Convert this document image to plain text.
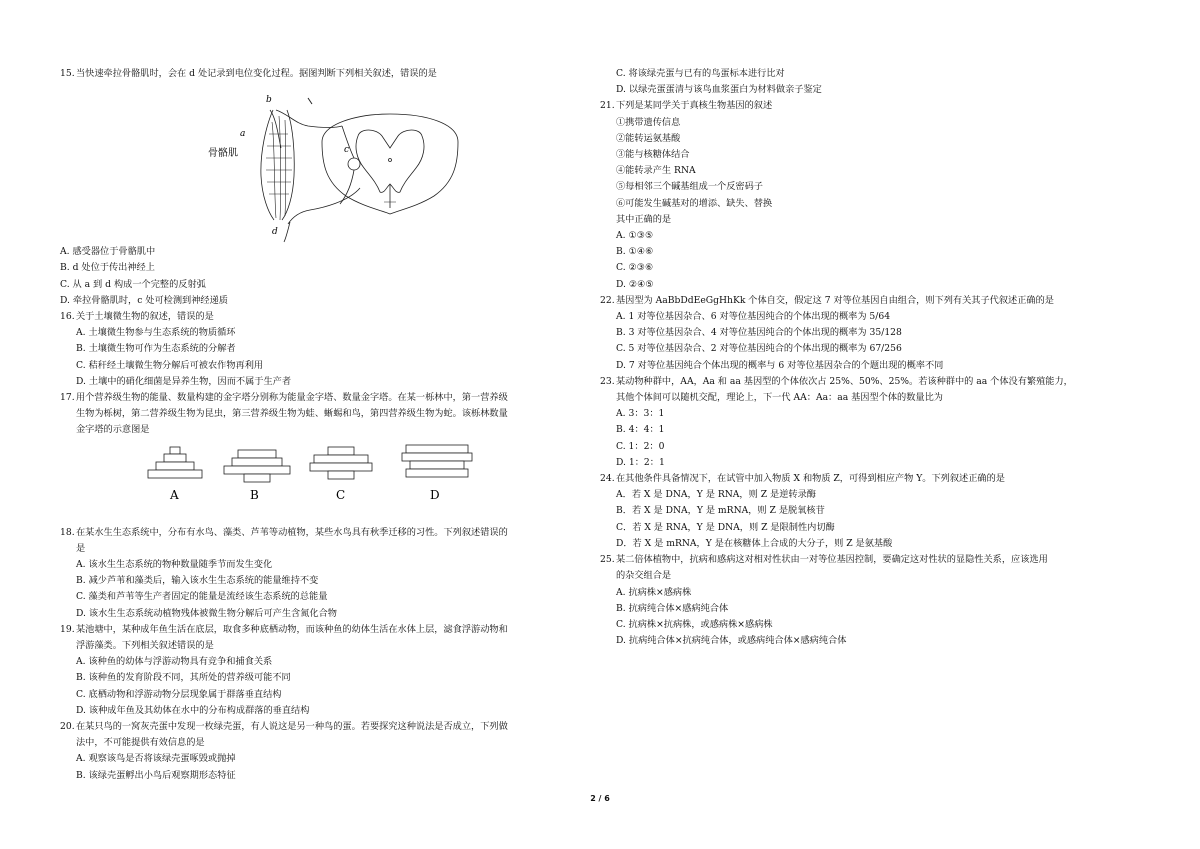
15. 当快速牵拉骨骼肌时，会在 d 处记录到电位变化过程。据图判断下列相关叙述，错误的是
b
a
c
d
骨骼肌
A. 感受器位于骨骼肌中
B. d 处位于传出神经上
C. 从 a 到 d 构成一个完整的反射弧
D. 牵拉骨骼肌时，c 处可检测到神经递质
16. 关于土壤微生物的叙述，错误的是
A. 土壤微生物参与生态系统的物质循环
B. 土壤微生物可作为生态系统的分解者
C. 秸秆经土壤微生物分解后可被农作物再利用
D. 土壤中的硝化细菌是异养生物，因而不属于生产者
17. 用个营养级生物的能量、数量构建的金字塔分别称为能量金字塔、数量金字塔。在某一栎林中，第一营养级
生物为栎树，第二营养级生物为昆虫，第三营养级生物为蛙、蜥蜴和鸟，第四营养级生物为蛇。该栎林数量
金字塔的示意图是
A	B	C	D
18. 在某水生生态系统中，分布有水鸟、藻类、芦苇等动植物，某些水鸟具有秋季迁移的习性。下列叙述错误的
是
A. 该水生生态系统的物种数量随季节而发生变化
B. 减少芦苇和藻类后，输入该水生生态系统的能量维持不变
C. 藻类和芦苇等生产者固定的能量是流经该生态系统的总能量
D. 该水生生态系统动植物残体被微生物分解后可产生含氮化合物
19. 某池塘中，某种成年鱼生活在底层，取食多种底栖动物，而该种鱼的幼体生活在水体上层，滤食浮游动物和
浮游藻类。下列相关叙述错误的是
A. 该种鱼的幼体与浮游动物具有竞争和捕食关系
B. 该种鱼的发育阶段不同，其所处的营养级可能不同
C. 底栖动物和浮游动物分层现象属于群落垂直结构
D. 该种成年鱼及其幼体在水中的分布构成群落的垂直结构
20. 在某只鸟的一窝灰壳蛋中发现一枚绿壳蛋，有人说这是另一种鸟的蛋。若要探究这种说法是否成立，下列做
法中，不可能提供有效信息的是
A. 观察该鸟是否将该绿壳蛋啄毁或抛掉
B. 该绿壳蛋孵出小鸟后观察期形态特征
C. 将该绿壳蛋与已有的鸟蛋标本进行比对
D. 以绿壳蛋蛋清与该鸟血浆蛋白为材料做亲子鉴定
21. 下列是某同学关于真核生物基因的叙述
①携带遗传信息
②能转运氨基酸
③能与核糖体结合
④能转录产生 RNA
⑤每相邻三个碱基组成一个反密码子
⑥可能发生碱基对的增添、缺失、替换
其中正确的是
A. ①③⑤
B. ①④⑥
C. ②③⑥
D. ②④⑤
22. 基因型为 AaBbDdEeGgHhKk 个体自交，假定这 7 对等位基因自由组合，则下列有关其子代叙述正确的是
A. 1 对等位基因杂合、6 对等位基因纯合的个体出现的概率为 5/64
B. 3 对等位基因杂合、4 对等位基因纯合的个体出现的概率为 35/128
C. 5 对等位基因杂合、2 对等位基因纯合的个体出现的概率为 67/256
D. 7 对等位基因纯合个体出现的概率与 6 对等位基因杂合的个题出现的概率不同
23. 某动物种群中，AA，Aa 和 aa 基因型的个体依次占 25%、50%、25%。若该种群中的 aa 个体没有繁殖能力，
其他个体间可以随机交配，理论上，下一代 AA：Aa：aa 基因型个体的数量比为
A. 3：3：1
B. 4：4：1
C. 1：2：0
D. 1：2：1
24. 在其他条件具备情况下，在试管中加入物质 X 和物质 Z，可得到相应产物 Y。下列叙述正确的是
A．若 X 是 DNA，Y 是 RNA，则 Z 是逆转录酶
B．若 X 是 DNA，Y 是 mRNA，则 Z 是脱氧核苷
C．若 X 是 RNA，Y 是 DNA，则 Z 是限制性内切酶
D．若 X 是 mRNA，Y 是在核糖体上合成的大分子，则 Z 是氨基酸
25. 某二倍体植物中，抗病和感病这对相对性状由一对等位基因控制，要确定这对性状的显隐性关系，应该选用
的杂交组合是
A. 抗病株×感病株
B. 抗病纯合体×感病纯合体
C. 抗病株×抗病株，或感病株×感病株
D. 抗病纯合体×抗病纯合体，或感病纯合体×感病纯合体
2 / 6
